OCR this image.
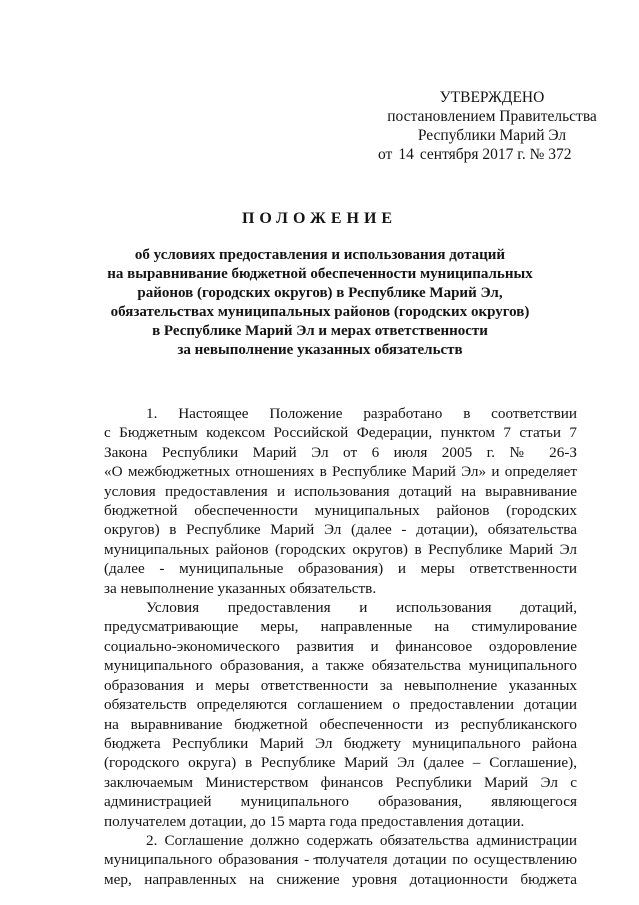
УТВЕРЖДЕНО
постановлением Правительства
Республики Марий Эл
от 14 сентября 2017 г. № 372
ПОЛОЖЕНИЕ
об условиях предоставления и использования дотаций
на выравнивание бюджетной обеспеченности муниципальных
районов (городских округов) в Республике Марий Эл,
обязательствах муниципальных районов (городских округов)
в Республике Марий Эл и мерах ответственности
за невыполнение указанных обязательств
1. Настоящее Положение разработано в соответствии
с Бюджетным кодексом Российской Федерации, пунктом 7 статьи 7
Закона Республики Марий Эл от 6 июля 2005 г. № 26-З
«О межбюджетных отношениях в Республике Марий Эл» и определяет
условия предоставления и использования дотаций на выравнивание
бюджетной обеспеченности муниципальных районов (городских
округов) в Республике Марий Эл (далее - дотации), обязательства
муниципальных районов (городских округов) в Республике Марий Эл
(далее - муниципальные образования) и меры ответственности
за невыполнение указанных обязательств.
Условия предоставления и использования дотаций,
предусматривающие меры, направленные на стимулирование
социально-экономического развития и финансовое оздоровление
муниципального образования, а также обязательства муниципального
образования и меры ответственности за невыполнение указанных
обязательств определяются соглашением о предоставлении дотации
на выравнивание бюджетной обеспеченности из республиканского
бюджета Республики Марий Эл бюджету муниципального района
(городского округа) в Республике Марий Эл (далее – Соглашение),
заключаемым Министерством финансов Республики Марий Эл с
администрацией муниципального образования, являющегося
получателем дотации, до 15 марта года предоставления дотации.
2. Соглашение должно содержать обязательства администрации
муниципального образования - получателя дотации по осуществлению
мер, направленных на снижение уровня дотационности бюджета
